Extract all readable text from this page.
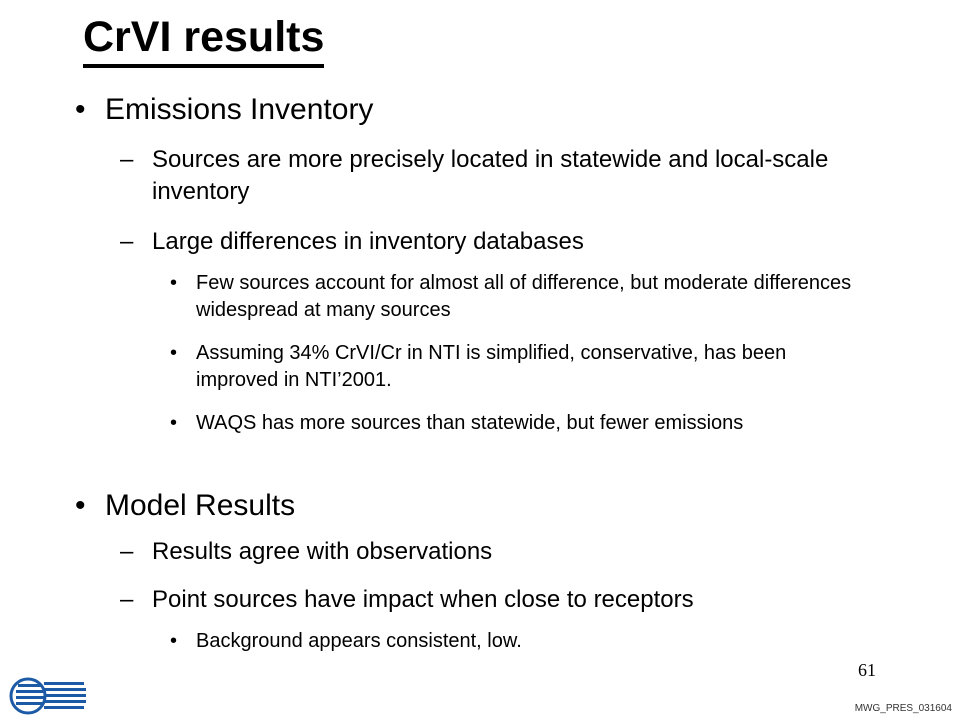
CrVI results
• Emissions Inventory
– Sources are more precisely located in statewide and local-scale inventory
– Large differences in inventory databases
• Few sources account for almost all of difference, but moderate differences widespread at many sources
• Assuming 34% CrVI/Cr in NTI is simplified, conservative, has been improved in NTI’2001.
• WAQS has more sources than statewide, but fewer emissions
• Model Results
– Results agree with observations
– Point sources have impact when close to receptors
• Background appears consistent, low.
61
MWG_PRES_031604
